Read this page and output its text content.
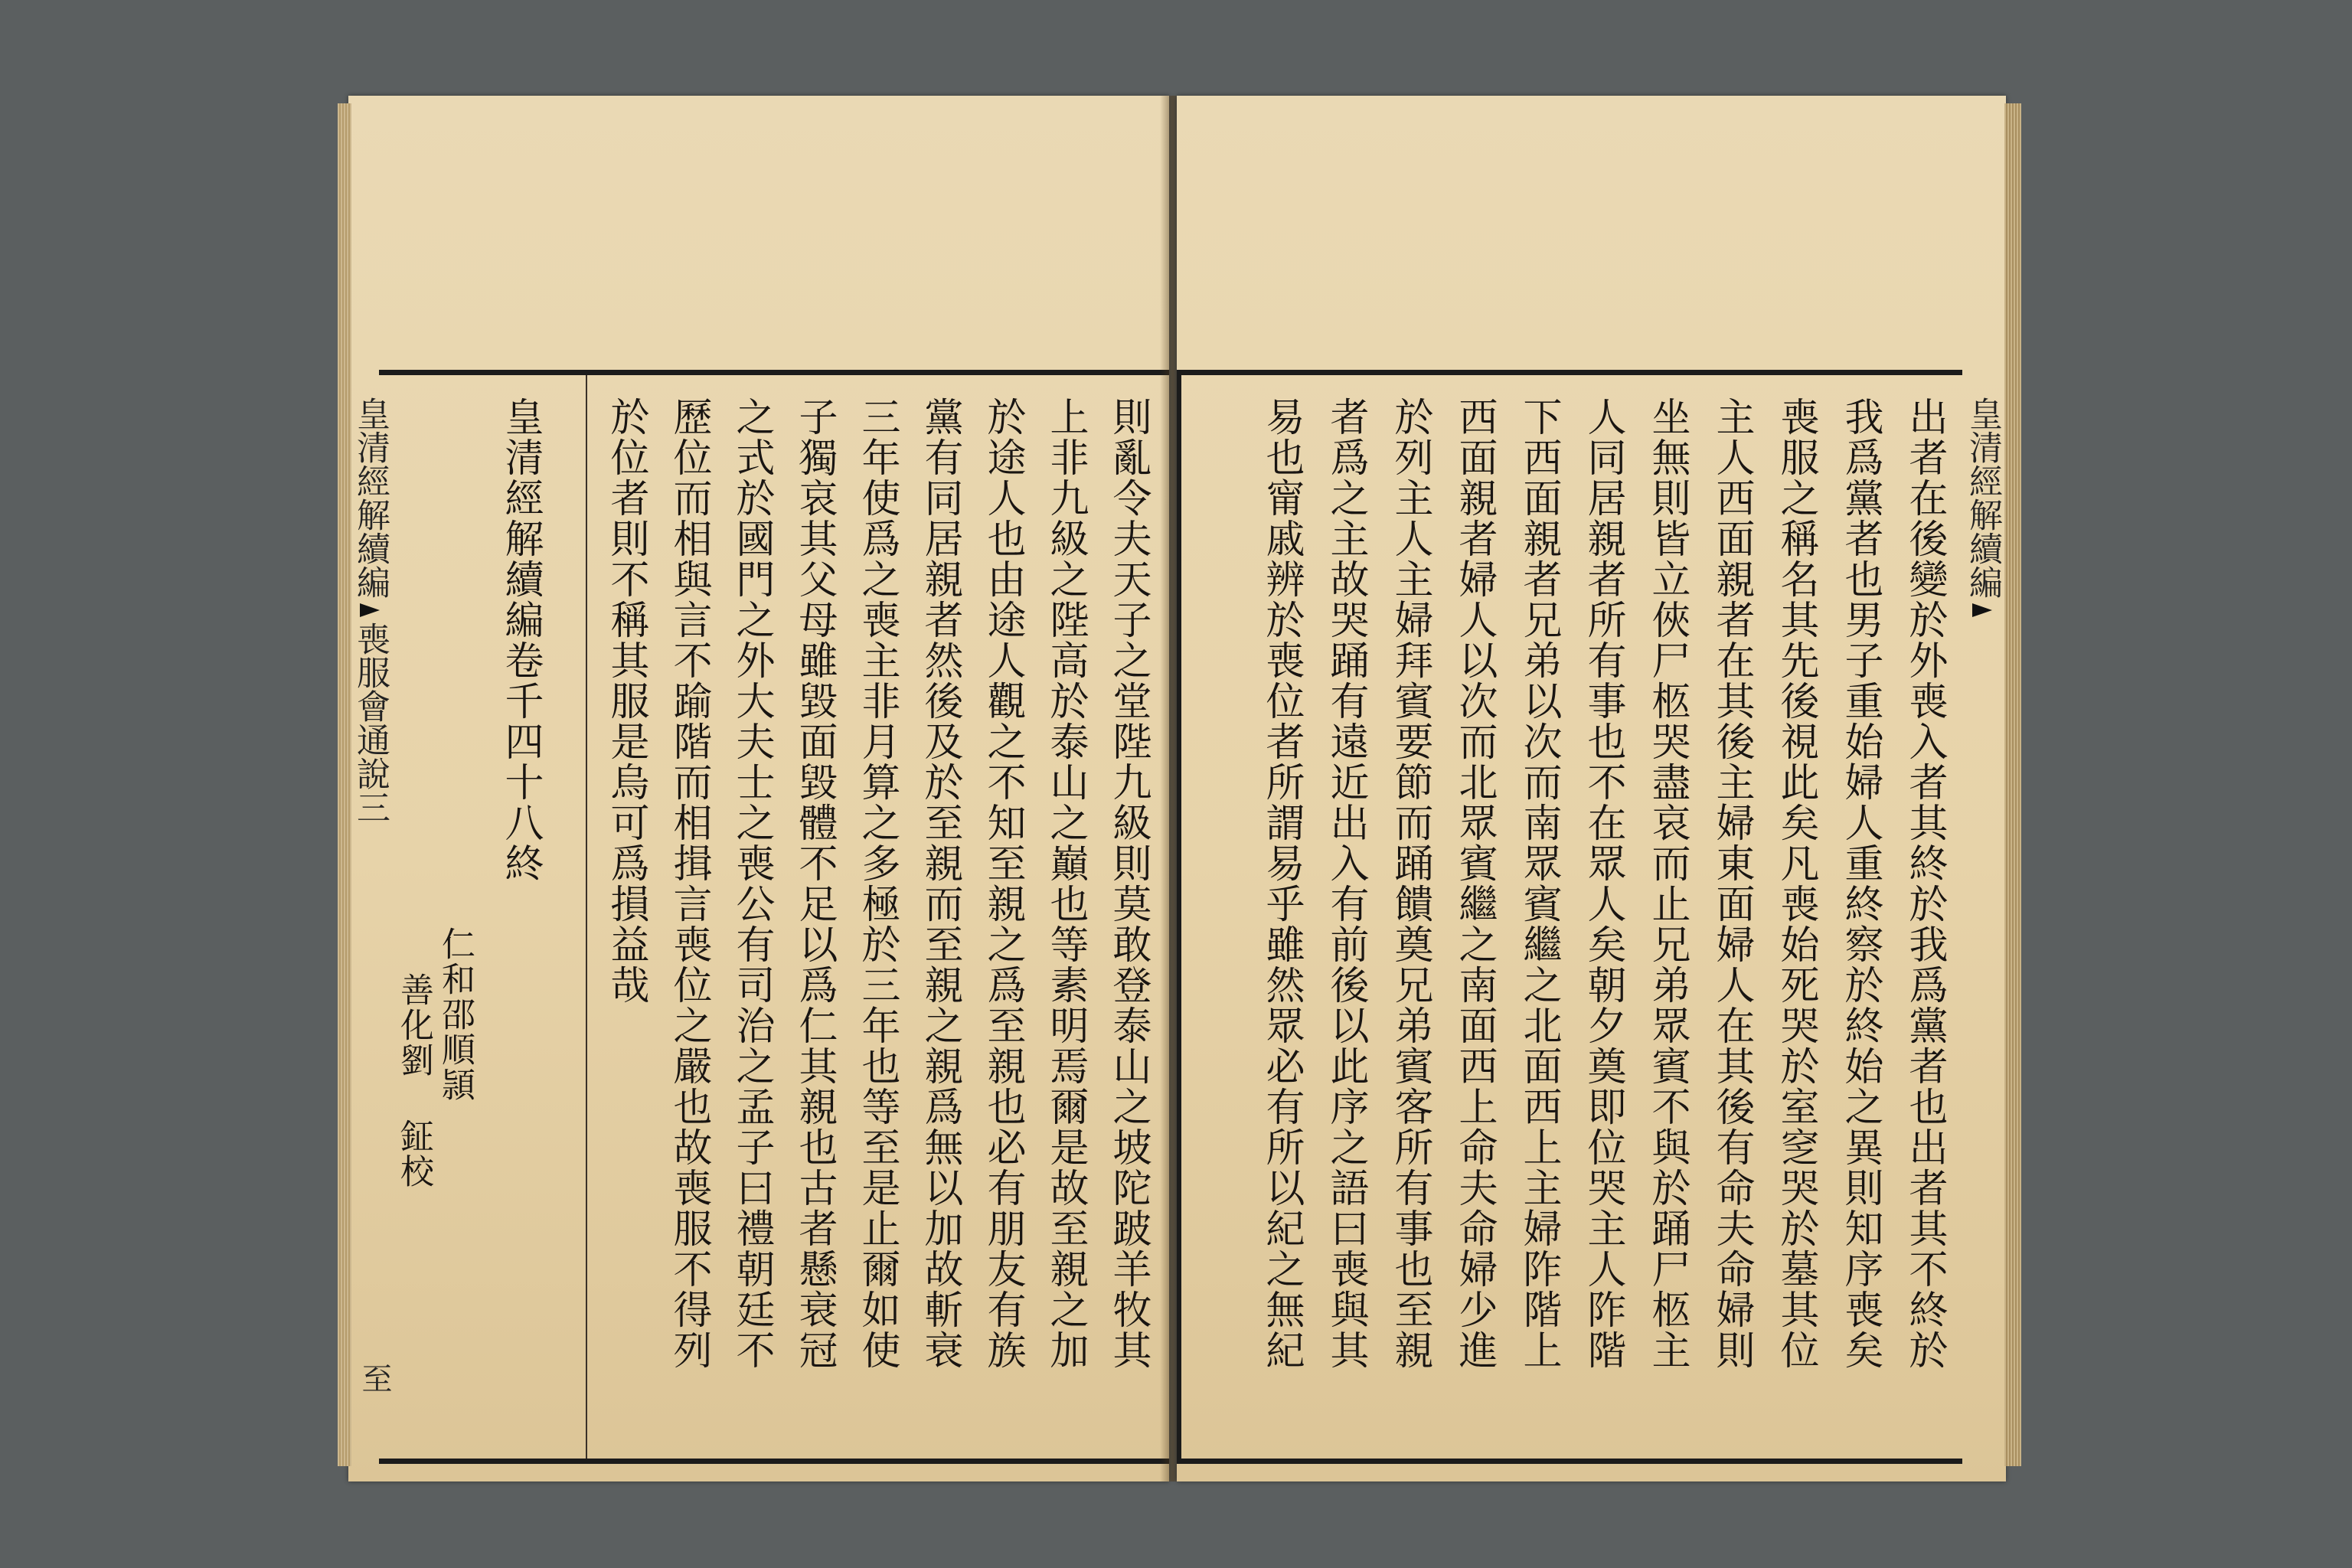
皇清經解續編喪服會通說三
至
則亂令夫天子之堂陛九級則莫敢登泰山之坡陀跛羊牧其
上非九級之陛高於泰山之巔也等素明焉爾是故至親之加
於途人也由途人觀之不知至親之爲至親也必有朋友有族
黨有同居親者然後及於至親而至親之親爲無以加故斬衰
三年使爲之喪主非月算之多極於三年也等至是止爾如使
子獨哀其父母雖毀面毀體不足以爲仁其親也古者懸衰冠
之式於國門之外大夫士之喪公有司治之孟子曰禮朝廷不
歷位而相與言不踰階而相揖言喪位之嚴也故喪服不得列
於位者則不稱其服是烏可爲損益哉
皇清經解續編卷千四十八終
仁和邵順頴
善化劉 鉦校
皇清經解續編
出者在後變於外喪入者其終於我爲黨者也出者其不終於
我爲黨者也男子重始婦人重終察於終始之異則知序喪矣
喪服之稱名其先後視此矣凡喪始死哭於室窆哭於墓其位
主人西面親者在其後主婦東面婦人在其後有命夫命婦則
坐無則皆立俠尸柩哭盡哀而止兄弟眾賓不與於踊尸柩主
人同居親者所有事也不在眾人矣朝夕奠即位哭主人阼階
下西面親者兄弟以次而南眾賓繼之北面西上主婦阼階上
西面親者婦人以次而北眾賓繼之南面西上命夫命婦少進
於列主人主婦拜賓要節而踊饋奠兄弟賓客所有事也至親
者爲之主故哭踊有遠近出入有前後以此序之語曰喪與其
易也甯戚辨於喪位者所謂易乎雖然眾必有所以紀之無紀
